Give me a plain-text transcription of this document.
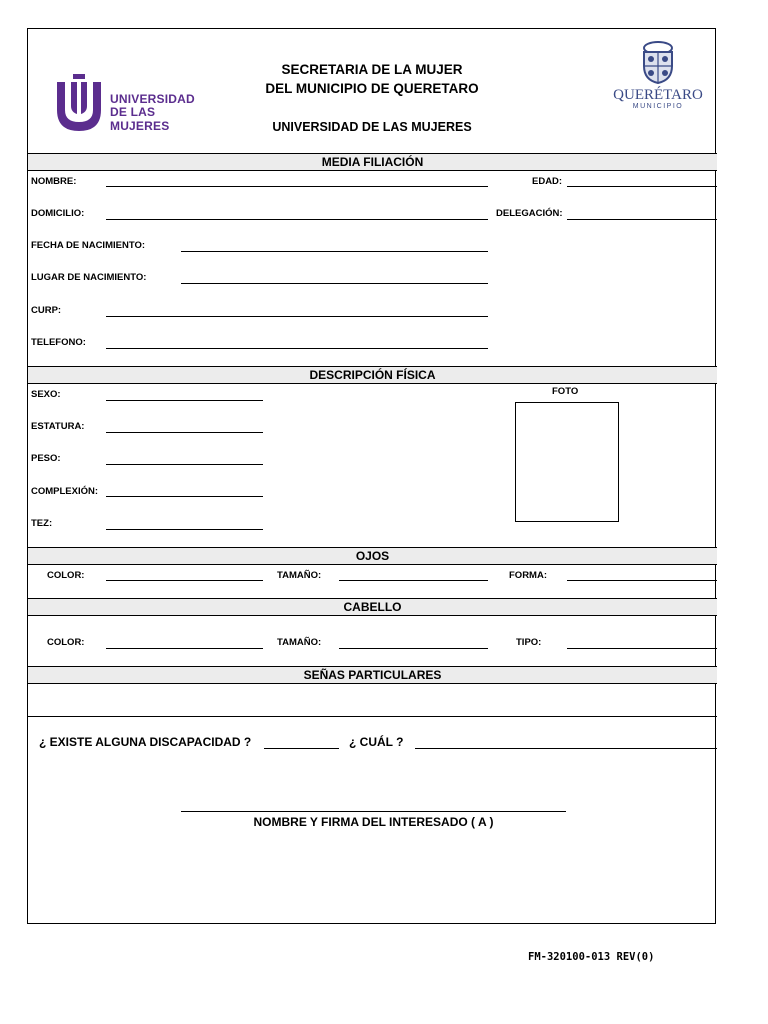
UNIVERSIDAD
DE LAS MUJERES
SECRETARIA DE LA MUJER
DEL MUNICIPIO DE QUERETARO
UNIVERSIDAD DE LAS MUJERES
QUERÉTARO
MUNICIPIO
MEDIA FILIACIÓN
NOMBRE:	EDAD:
DOMICILIO:	DELEGACIÓN:
FECHA DE NACIMIENTO:
LUGAR DE NACIMIENTO:
CURP:
TELEFONO:
DESCRIPCIÓN FÍSICA
FOTO
SEXO:
ESTATURA:
PESO:
COMPLEXIÓN:
TEZ:
OJOS
COLOR:	TAMAÑO:	FORMA:
CABELLO
COLOR:	TAMAÑO:	TIPO:
SEÑAS PARTICULARES
¿ EXISTE ALGUNA DISCAPACIDAD ?	¿ CUÁL ?
NOMBRE Y FIRMA DEL INTERESADO ( A )
FM-320100-013 REV(0)
